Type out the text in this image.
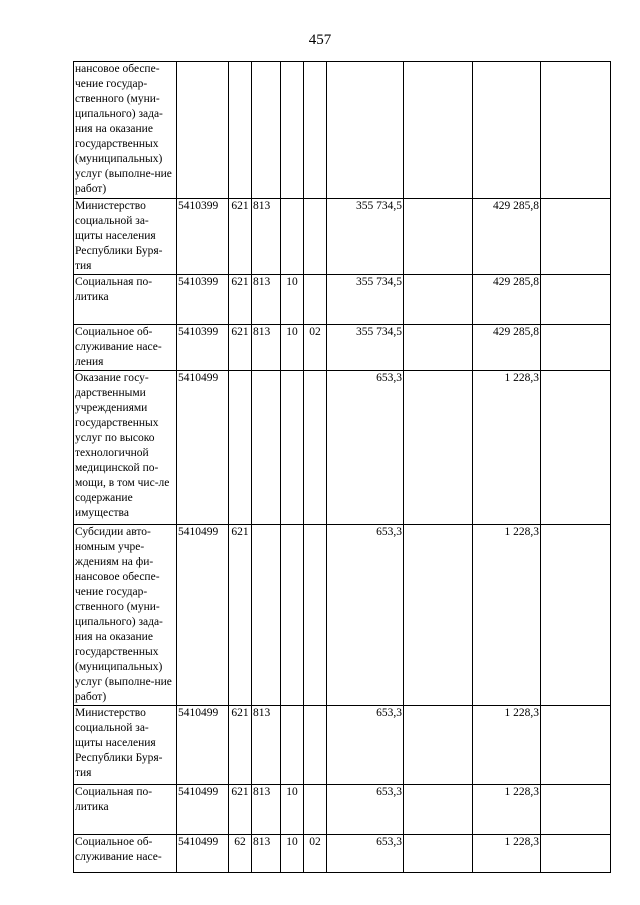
457
нансовое обеспе-чение государ-ственного (муни-ципального) зада-ния на оказание государственных (муниципальных) услуг (выполне-ние работ)									
Министерство социальной за-щиты населения Республики Буря-тия	5410399	621	813			355 734,5		429 285,8	
Социальная по-литика	5410399	621	813	10		355 734,5		429 285,8	
Социальное об-служивание насе-ления	5410399	621	813	10	02	355 734,5		429 285,8	
Оказание госу-дарственными учреждениями государственных услуг по высоко технологичной медицинской по-мощи, в том чис-ле содержание имущества	5410499					653,3		1 228,3	
Субсидии авто-номным учре-ждениям на фи-нансовое обеспе-чение государ-ственного (муни-ципального) зада-ния на оказание государственных (муниципальных) услуг (выполне-ние работ)	5410499	621				653,3		1 228,3	
Министерство социальной за-щиты населения Республики Буря-тия	5410499	621	813			653,3		1 228,3	
Социальная по-литика	5410499	621	813	10		653,3		1 228,3	
Социальное об-служивание насе-	5410499	62	813	10	02	653,3		1 228,3	
